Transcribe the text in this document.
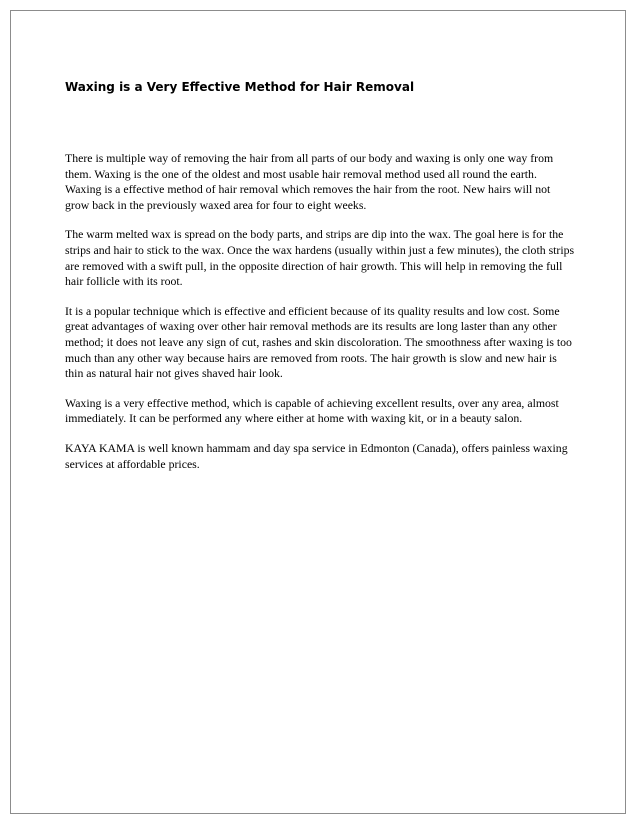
Waxing is a Very Effective Method for Hair Removal

There is multiple way of removing the hair from all parts of our body and waxing is only one way from them. Waxing is the one of the oldest and most usable hair removal method used all round the earth. Waxing is a effective method of hair removal which removes the hair from the root. New hairs will not grow back in the previously waxed area for four to eight weeks.

The warm melted wax is spread on the body parts, and strips are dip into the wax. The goal here is for the strips and hair to stick to the wax. Once the wax hardens (usually within just a few minutes), the cloth strips are removed with a swift pull, in the opposite direction of hair growth. This will help in removing the full hair follicle with its root.

It is a popular technique which is effective and efficient because of its quality results and low cost. Some great advantages of waxing over other hair removal methods are its results are long laster than any other method; it does not leave any sign of cut, rashes and skin discoloration. The smoothness after waxing is too much than any other way because hairs are removed from roots. The hair growth is slow and new hair is thin as natural hair not gives shaved hair look.

Waxing is a very effective method, which is capable of achieving excellent results, over any area, almost immediately. It can be performed any where either at home with waxing kit, or in a beauty salon.

KAYA KAMA is well known hammam and day spa service in Edmonton (Canada), offers painless waxing services at affordable prices.
